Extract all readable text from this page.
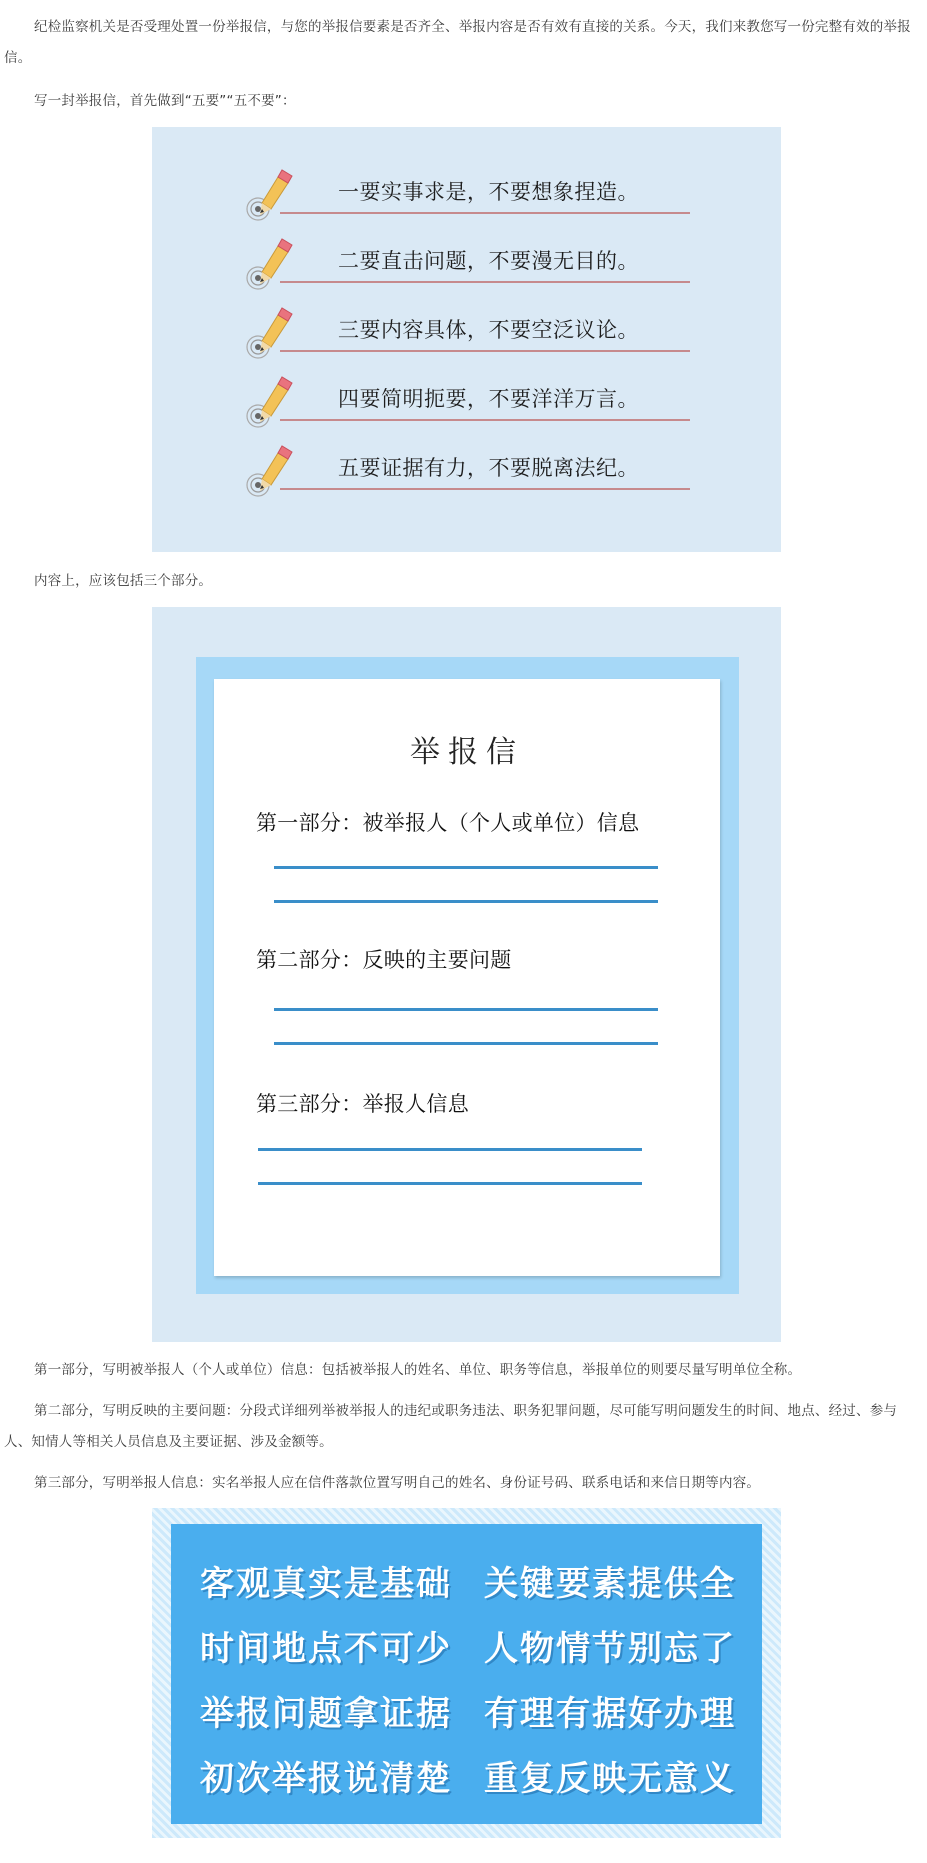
纪检监察机关是否受理处置一份举报信，与您的举报信要素是否齐全、举报内容是否有效有直接的关系。今天，我们来教您写一份完整有效的举报信。

写一封举报信，首先做到“五要”“五不要”：

一要实事求是，不要想象捏造。
二要直击问题，不要漫无目的。
三要内容具体，不要空泛议论。
四要简明扼要，不要洋洋万言。
五要证据有力，不要脱离法纪。

内容上，应该包括三个部分。

举报信
第一部分：被举报人（个人或单位）信息
第二部分：反映的主要问题
第三部分：举报人信息

第一部分，写明被举报人（个人或单位）信息：包括被举报人的姓名、单位、职务等信息，举报单位的则要尽量写明单位全称。

第二部分，写明反映的主要问题：分段式详细列举被举报人的违纪或职务违法、职务犯罪问题，尽可能写明问题发生的时间、地点、经过、参与人、知情人等相关人员信息及主要证据、涉及金额等。

第三部分，写明举报人信息：实名举报人应在信件落款位置写明自己的姓名、身份证号码、联系电话和来信日期等内容。

客观真实是基础 关键要素提供全
时间地点不可少 人物情节别忘了
举报问题拿证据 有理有据好办理
初次举报说清楚 重复反映无意义
